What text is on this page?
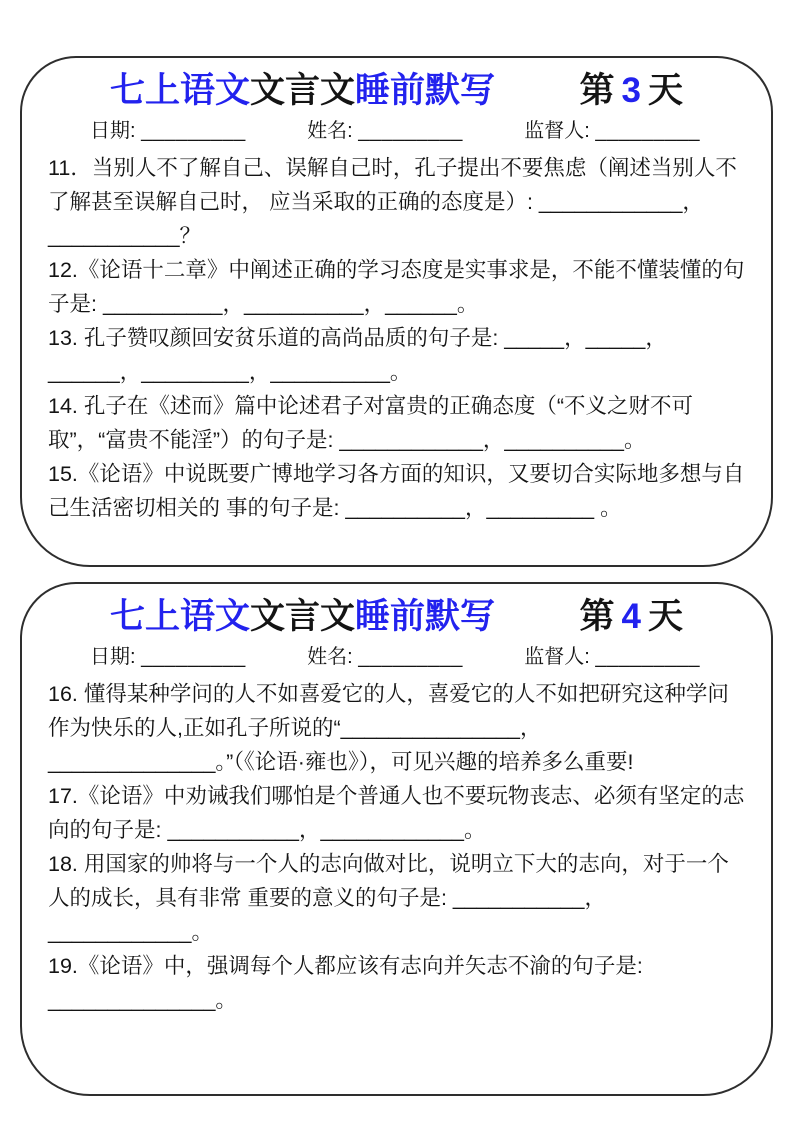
七上语文文言文睡前默写 第 3 天
日期: _________	姓名: _________	监督人: _________

11．当别人不了解自己、误解自己时，孔子提出不要焦虑（阐述当别人不了解甚至误解自己时， 应当采取的正确的态度是）: ____________， ___________？

12.《论语十二章》中阐述正确的学习态度是实事求是，不能不懂装懂的句子是: __________，__________，______。

13. 孔子赞叹颜回安贫乐道的高尚品质的句子是: _____，_____，______，_________，__________。

14. 孔子在《述而》篇中论述君子对富贵的正确态度（“不义之财不可取”，“富贵不能淫”）的句子是: ____________，__________。

15.《论语》中说既要广博地学习各方面的知识，又要切合实际地多想与自己生活密切相关的 事的句子是: __________，_________ 。

七上语文文言文睡前默写 第 4 天
日期: _________	姓名: _________	监督人: _________

16. 懂得某种学问的人不如喜爱它的人，喜爱它的人不如把研究这种学问作为快乐的人,正如孔子所说的“_______________，______________。”（《论语·雍也》），可见兴趣的培养多么重要!

17.《论语》中劝诫我们哪怕是个普通人也不要玩物丧志、必须有坚定的志向的句子是: ___________，____________。

18. 用国家的帅将与一个人的志向做对比，说明立下大的志向，对于一个人的成长，具有非常 重要的意义的句子是: ___________，____________。

19.《论语》中，强调每个人都应该有志向并矢志不渝的句子是: ______________。
